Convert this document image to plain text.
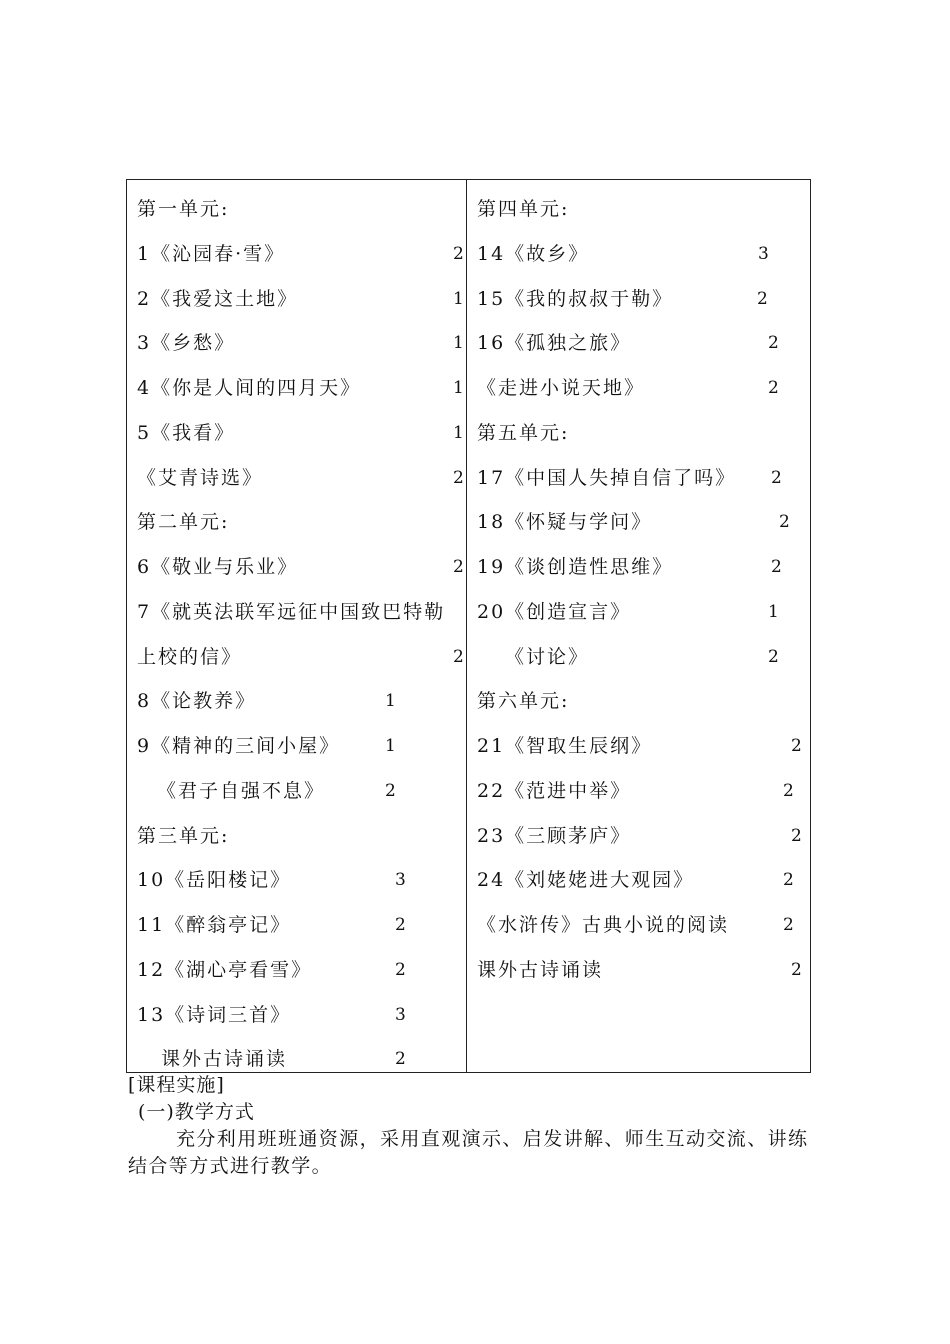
第一单元:
1《沁园春·雪》	2
2《我爱这土地》	1
3《乡愁》	1
4《你是人间的四月天》	1
5《我看》	1
《艾青诗选》	2
第二单元:
6《敬业与乐业》	2
7《就英法联军远征中国致巴特勒
上校的信》	2
8《论教养》	1
9《精神的三间小屋》	1
《君子自强不息》	2
第三单元:
10《岳阳楼记》	3
11《醉翁亭记》	2
12《湖心亭看雪》	2
13《诗词三首》	3
课外古诗诵读	2
第四单元:
14《故乡》	3
15《我的叔叔于勒》	2
16《孤独之旅》	2
《走进小说天地》	2
第五单元:
17《中国人失掉自信了吗》 2
18《怀疑与学问》	2
19《谈创造性思维》	2
20《创造宣言》	1
《讨论》	2
第六单元:
21《智取生辰纲》	2
22《范进中举》	2
23《三顾茅庐》	2
24《刘姥姥进大观园》	2
《水浒传》古典小说的阅读	2
课外古诗诵读	2
[课程实施]
(一)教学方式
充分利用班班通资源，采用直观演示、启发讲解、师生互动交流、讲练
结合等方式进行教学。
